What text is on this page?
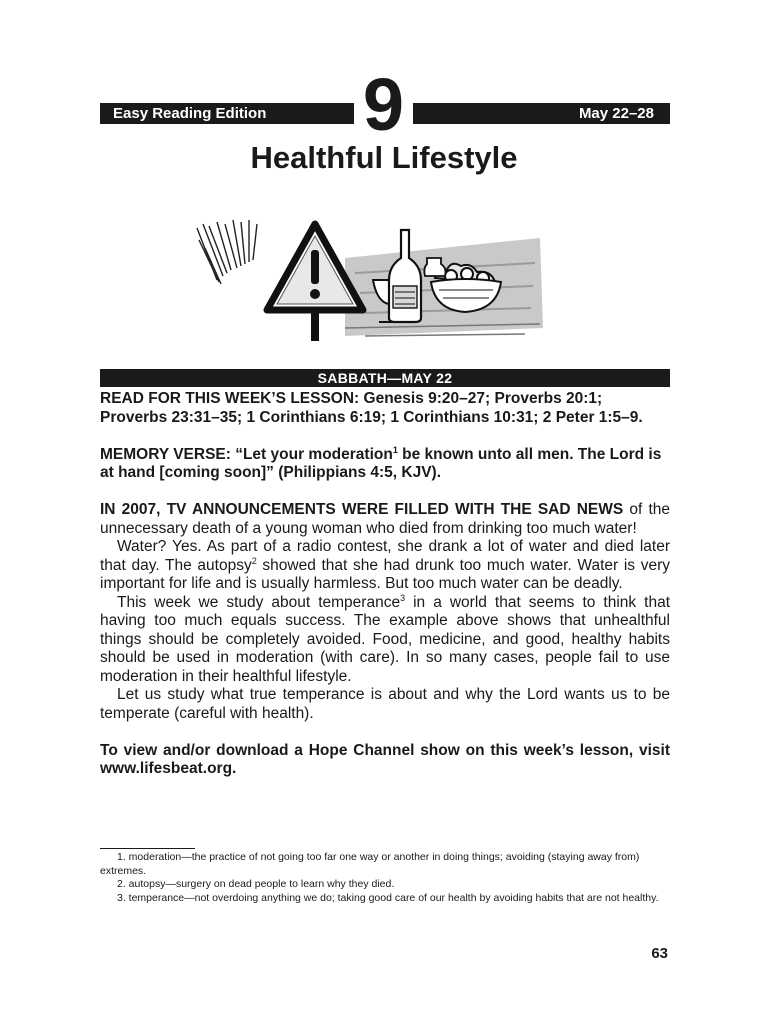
Easy Reading Edition	9	May 22–28
Healthful Lifestyle
SABBATH—MAY 22

READ FOR THIS WEEK’S LESSON: Genesis 9:20–27; Proverbs 20:1; Proverbs 23:31–35; 1 Corinthians 6:19; 1 Corinthians 10:31; 2 Peter 1:5–9.

MEMORY VERSE: “Let your moderation$^1$ be known unto all men. The Lord is at hand [coming soon]” (Philippians 4:5, KJV).

IN 2007, TV ANNOUNCEMENTS WERE FILLED WITH THE SAD NEWS of the unnecessary death of a young woman who died from drinking too much water!

Water? Yes. As part of a radio contest, she drank a lot of water and died later that day. The autopsy$^2$ showed that she had drunk too much water. Water is very important for life and is usually harmless. But too much water can be deadly.

This week we study about temperance$^3$ in a world that seems to think that having too much equals success. The example above shows that unhealthful things should be completely avoided. Food, medicine, and good, healthy habits should be used in moderation (with care). In so many cases, people fail to use moderation in their healthful lifestyle.

Let us study what true temperance is about and why the Lord wants us to be temperate (careful with health).

To view and/or download a Hope Channel show on this week’s lesson, visit www.lifesbeat.org.

1. moderation—the practice of not going too far one way or another in doing things; avoiding (staying away from) extremes.

2. autopsy—surgery on dead people to learn why they died.

3. temperance—not overdoing anything we do; taking good care of our health by avoiding habits that are not healthy.

63
